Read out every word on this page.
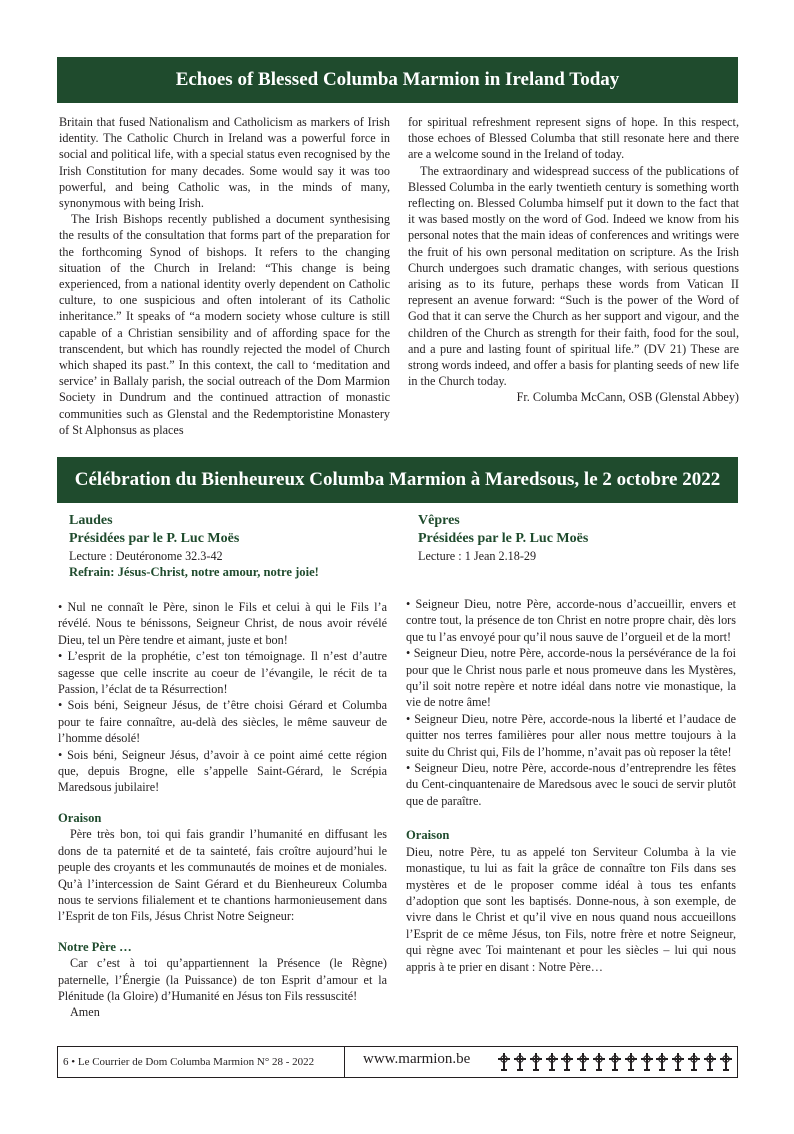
Echoes of Blessed Columba Marmion in Ireland Today

Britain that fused Nationalism and Catholicism as markers of Irish identity. The Catholic Church in Ireland was a powerful force in social and political life, with a special status even recognised by the Irish Constitution for many decades. Some would say it was too powerful, and being Catholic was, in the minds of many, synonymous with being Irish.

The Irish Bishops recently published a document synthesising the results of the consultation that forms part of the preparation for the forthcoming Synod of bishops. It refers to the changing situation of the Church in Ireland: “This change is being experienced, from a national identity overly dependent on Catholic culture, to one suspicious and often intolerant of its Catholic inheritance.” It speaks of “a modern society whose culture is still capable of a Christian sensibility and of affording space for the transcendent, but which has roundly rejected the model of Church which shaped its past.” In this context, the call to ‘meditation and service’ in Ballaly parish, the social outreach of the Dom Marmion Society in Dundrum and the continued attraction of monastic communities such as Glenstal and the Redemptoristine Monastery of St Alphonsus as places

for spiritual refreshment represent signs of hope. In this respect, those echoes of Blessed Columba that still resonate here and there are a welcome sound in the Ireland of today.

The extraordinary and widespread success of the publications of Blessed Columba in the early twentieth century is something worth reflecting on. Blessed Columba himself put it down to the fact that it was based mostly on the word of God. Indeed we know from his personal notes that the main ideas of conferences and writings were the fruit of his own personal meditation on scripture. As the Irish Church undergoes such dramatic changes, with serious questions arising as to its future, perhaps these words from Vatican II represent an avenue forward: “Such is the power of the Word of God that it can serve the Church as her support and vigour, and the children of the Church as strength for their faith, food for the soul, and a pure and lasting fount of spiritual life.” (DV 21) These are strong words indeed, and offer a basis for planting seeds of new life in the Church today.

Fr. Columba McCann, OSB (Glenstal Abbey)

Célébration du Bienheureux Columba Marmion à Maredsous, le 2 octobre 2022
Laudes
Présidées par le P. Luc Moës
Lecture : Deutéronome 32.3-42
Refrain: Jésus-Christ, notre amour, notre joie!
Vêpres
Présidées par le P. Luc Moës
Lecture : 1 Jean 2.18-29

• Nul ne connaît le Père, sinon le Fils et celui à qui le Fils l’a révélé. Nous te bénissons, Seigneur Christ, de nous avoir révélé Dieu, tel un Père tendre et aimant, juste et bon!

• L’esprit de la prophétie, c’est ton témoignage. Il n’est d’autre sagesse que celle inscrite au coeur de l’évangile, le récit de ta Passion, l’éclat de ta Résurrection!

• Sois béni, Seigneur Jésus, de t’être choisi Gérard et Columba pour te faire connaître, au-delà des siècles, le même sauveur de l’homme désolé!

• Sois béni, Seigneur Jésus, d’avoir à ce point aimé cette région que, depuis Brogne, elle s’appelle Saint-Gérard, le Scrépia Maredsous jubilaire!

Oraison

Père très bon, toi qui fais grandir l’humanité en diffusant les dons de ta paternité et de ta sainteté, fais croître aujourd’hui le peuple des croyants et les communautés de moines et de moniales. Qu’à l’intercession de Saint Gérard et du Bienheureux Columba nous te servions filialement et te chantions harmonieusement dans l’Esprit de ton Fils, Jésus Christ Notre Seigneur:

Notre Père …

Car c’est à toi qu’appartiennent la Présence (le Règne) paternelle, l’Énergie (la Puissance) de ton Esprit d’amour et la Plénitude (la Gloire) d’Humanité en Jésus ton Fils ressuscité!

Amen

• Seigneur Dieu, notre Père, accorde-nous d’accueillir, envers et contre tout, la présence de ton Christ en notre propre chair, dès lors que tu l’as envoyé pour qu’il nous sauve de l’orgueil et de la mort!

• Seigneur Dieu, notre Père, accorde-nous la persévérance de la foi pour que le Christ nous parle et nous promeuve dans les Mystères, qu’il soit notre repère et notre idéal dans notre vie monastique, la vie de notre âme!

• Seigneur Dieu, notre Père, accorde-nous la liberté et l’audace de quitter nos terres familières pour aller nous mettre toujours à la suite du Christ qui, Fils de l’homme, n’avait pas où reposer la tête!

• Seigneur Dieu, notre Père, accorde-nous d’entreprendre les fêtes du Cent-cinquantenaire de Maredsous avec le souci de servir plutôt que de paraître.

Oraison

Dieu, notre Père, tu as appelé ton Serviteur Columba à la vie monastique, tu lui as fait la grâce de connaître ton Fils dans ses mystères et de le proposer comme idéal à tous tes enfants d’adoption que sont les baptisés. Donne-nous, à son exemple, de vivre dans le Christ et qu’il vive en nous quand nous accueillons l’Esprit de ce même Jésus, ton Fils, notre frère et notre Seigneur, qui règne avec Toi maintenant et pour les siècles – lui qui nous appris à te prier en disant : Notre Père…

6 • Le Courrier de Dom Columba Marmion N° 28 - 2022	www.marmion.be
